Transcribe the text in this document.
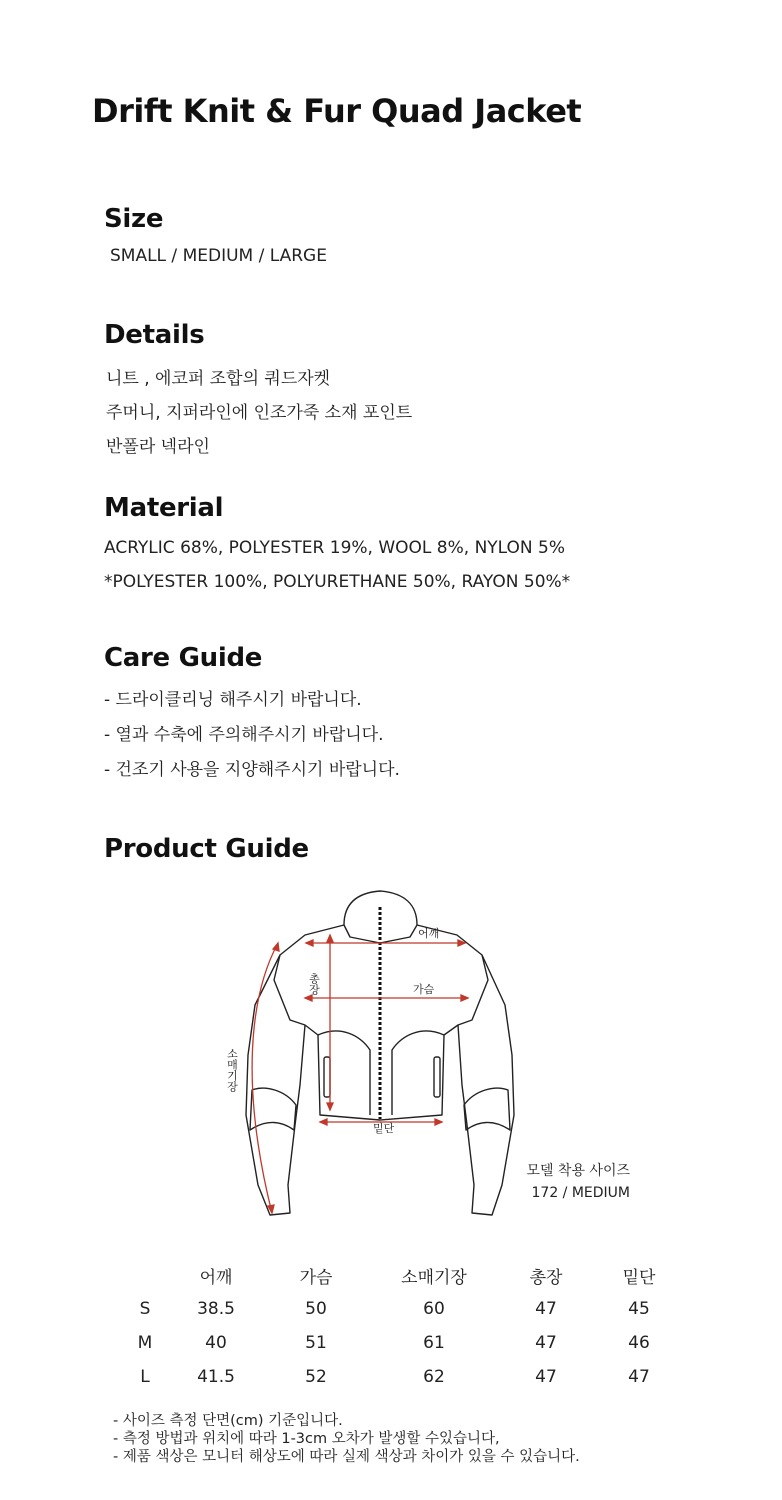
Drift Knit & Fur Quad Jacket
Size
SMALL / MEDIUM / LARGE
Details
니트 , 에코퍼 조합의 쿼드자켓
주머니, 지퍼라인에 인조가죽 소재 포인트
반폴라 넥라인
Material
ACRYLIC 68%, POLYESTER 19%, WOOL 8%, NYLON 5%
*POLYESTER 100%, POLYURETHANE 50%, RAYON 50%*
Care Guide
- 드라이클리닝 해주시기 바랍니다.
- 열과 수축에 주의해주시기 바랍니다.
- 건조기 사용을 지양해주시기 바랍니다.
Product Guide
어깨
가슴
총장
밑단
소매기장
모델 착용 사이즈
172 / MEDIUM
	어깨	가슴	소매기장	총장	밑단
S	38.5	50	60	47	45
M	40	51	61	47	46
L	41.5	52	62	47	47
- 사이즈 측정 단면(cm) 기준입니다.
- 측정 방법과 위치에 따라 1-3cm 오차가 발생할 수있습니다,
- 제품 색상은 모니터 해상도에 따라 실제 색상과 차이가 있을 수 있습니다.
